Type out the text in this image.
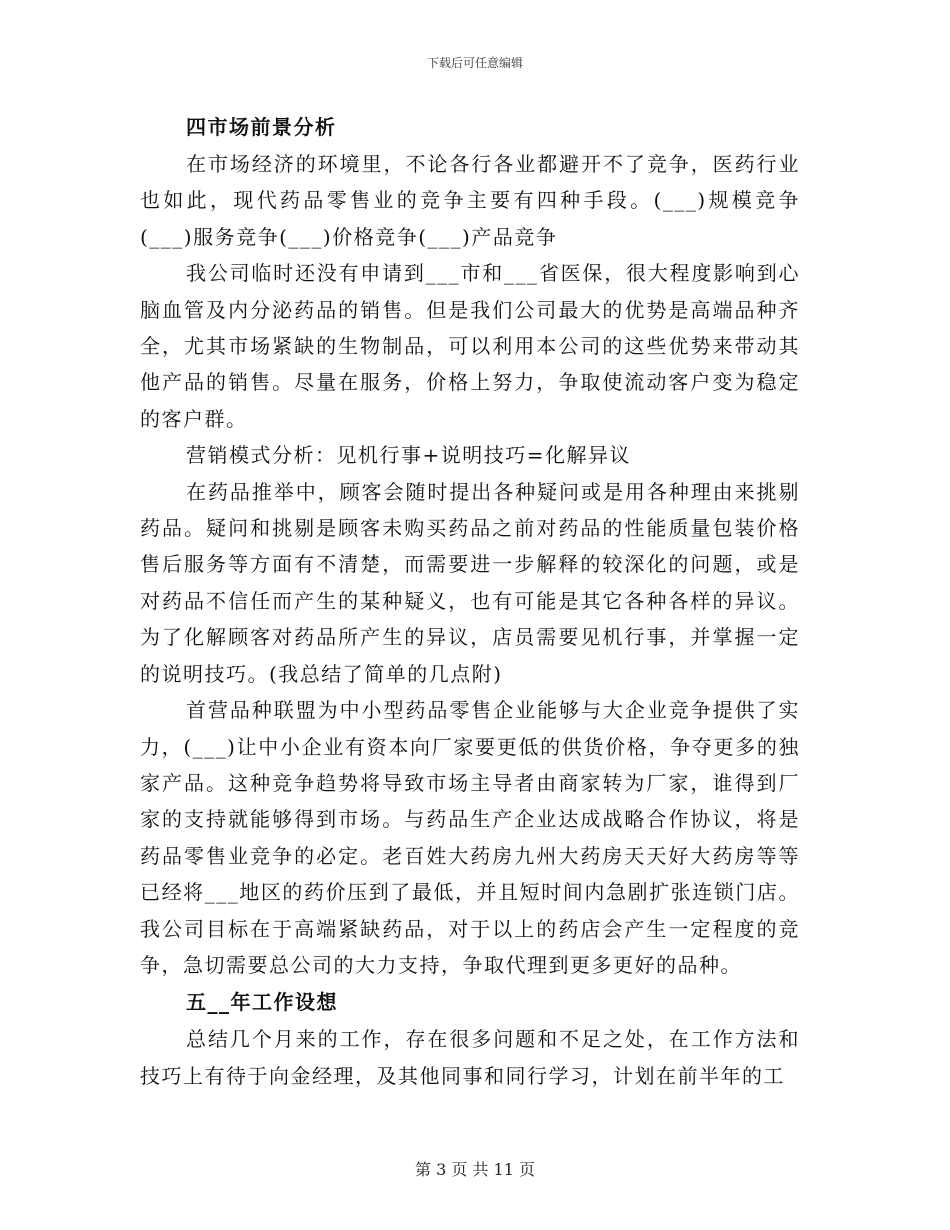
下载后可任意编辑
四市场前景分析

在市场经济的环境里，不论各行各业都避开不了竞争，医药行业也如此，现代药品零售业的竞争主要有四种手段。(___)规模竞争(___)服务竞争(___)价格竞争(___)产品竞争

我公司临时还没有申请到___市和___省医保，很大程度影响到心脑血管及内分泌药品的销售。但是我们公司最大的优势是高端品种齐全，尤其市场紧缺的生物制品，可以利用本公司的这些优势来带动其他产品的销售。尽量在服务，价格上努力，争取使流动客户变为稳定的客户群。

营销模式分析：见机行事+说明技巧=化解异议

在药品推举中，顾客会随时提出各种疑问或是用各种理由来挑剔药品。疑问和挑剔是顾客未购买药品之前对药品的性能质量包装价格售后服务等方面有不清楚，而需要进一步解释的较深化的问题，或是对药品不信任而产生的某种疑义，也有可能是其它各种各样的异议。为了化解顾客对药品所产生的异议，店员需要见机行事，并掌握一定的说明技巧。(我总结了简单的几点附)

首营品种联盟为中小型药品零售企业能够与大企业竞争提供了实力，(___)让中小企业有资本向厂家要更低的供货价格，争夺更多的独家产品。这种竞争趋势将导致市场主导者由商家转为厂家，谁得到厂家的支持就能够得到市场。与药品生产企业达成战略合作协议，将是药品零售业竞争的必定。老百姓大药房九州大药房天天好大药房等等已经将___地区的药价压到了最低，并且短时间内急剧扩张连锁门店。我公司目标在于高端紧缺药品，对于以上的药店会产生一定程度的竞争，急切需要总公司的大力支持，争取代理到更多更好的品种。

五__年工作设想

总结几个月来的工作，存在很多问题和不足之处，在工作方法和技巧上有待于向金经理，及其他同事和同行学习，计划在前半年的工

第 3 页 共 11 页
